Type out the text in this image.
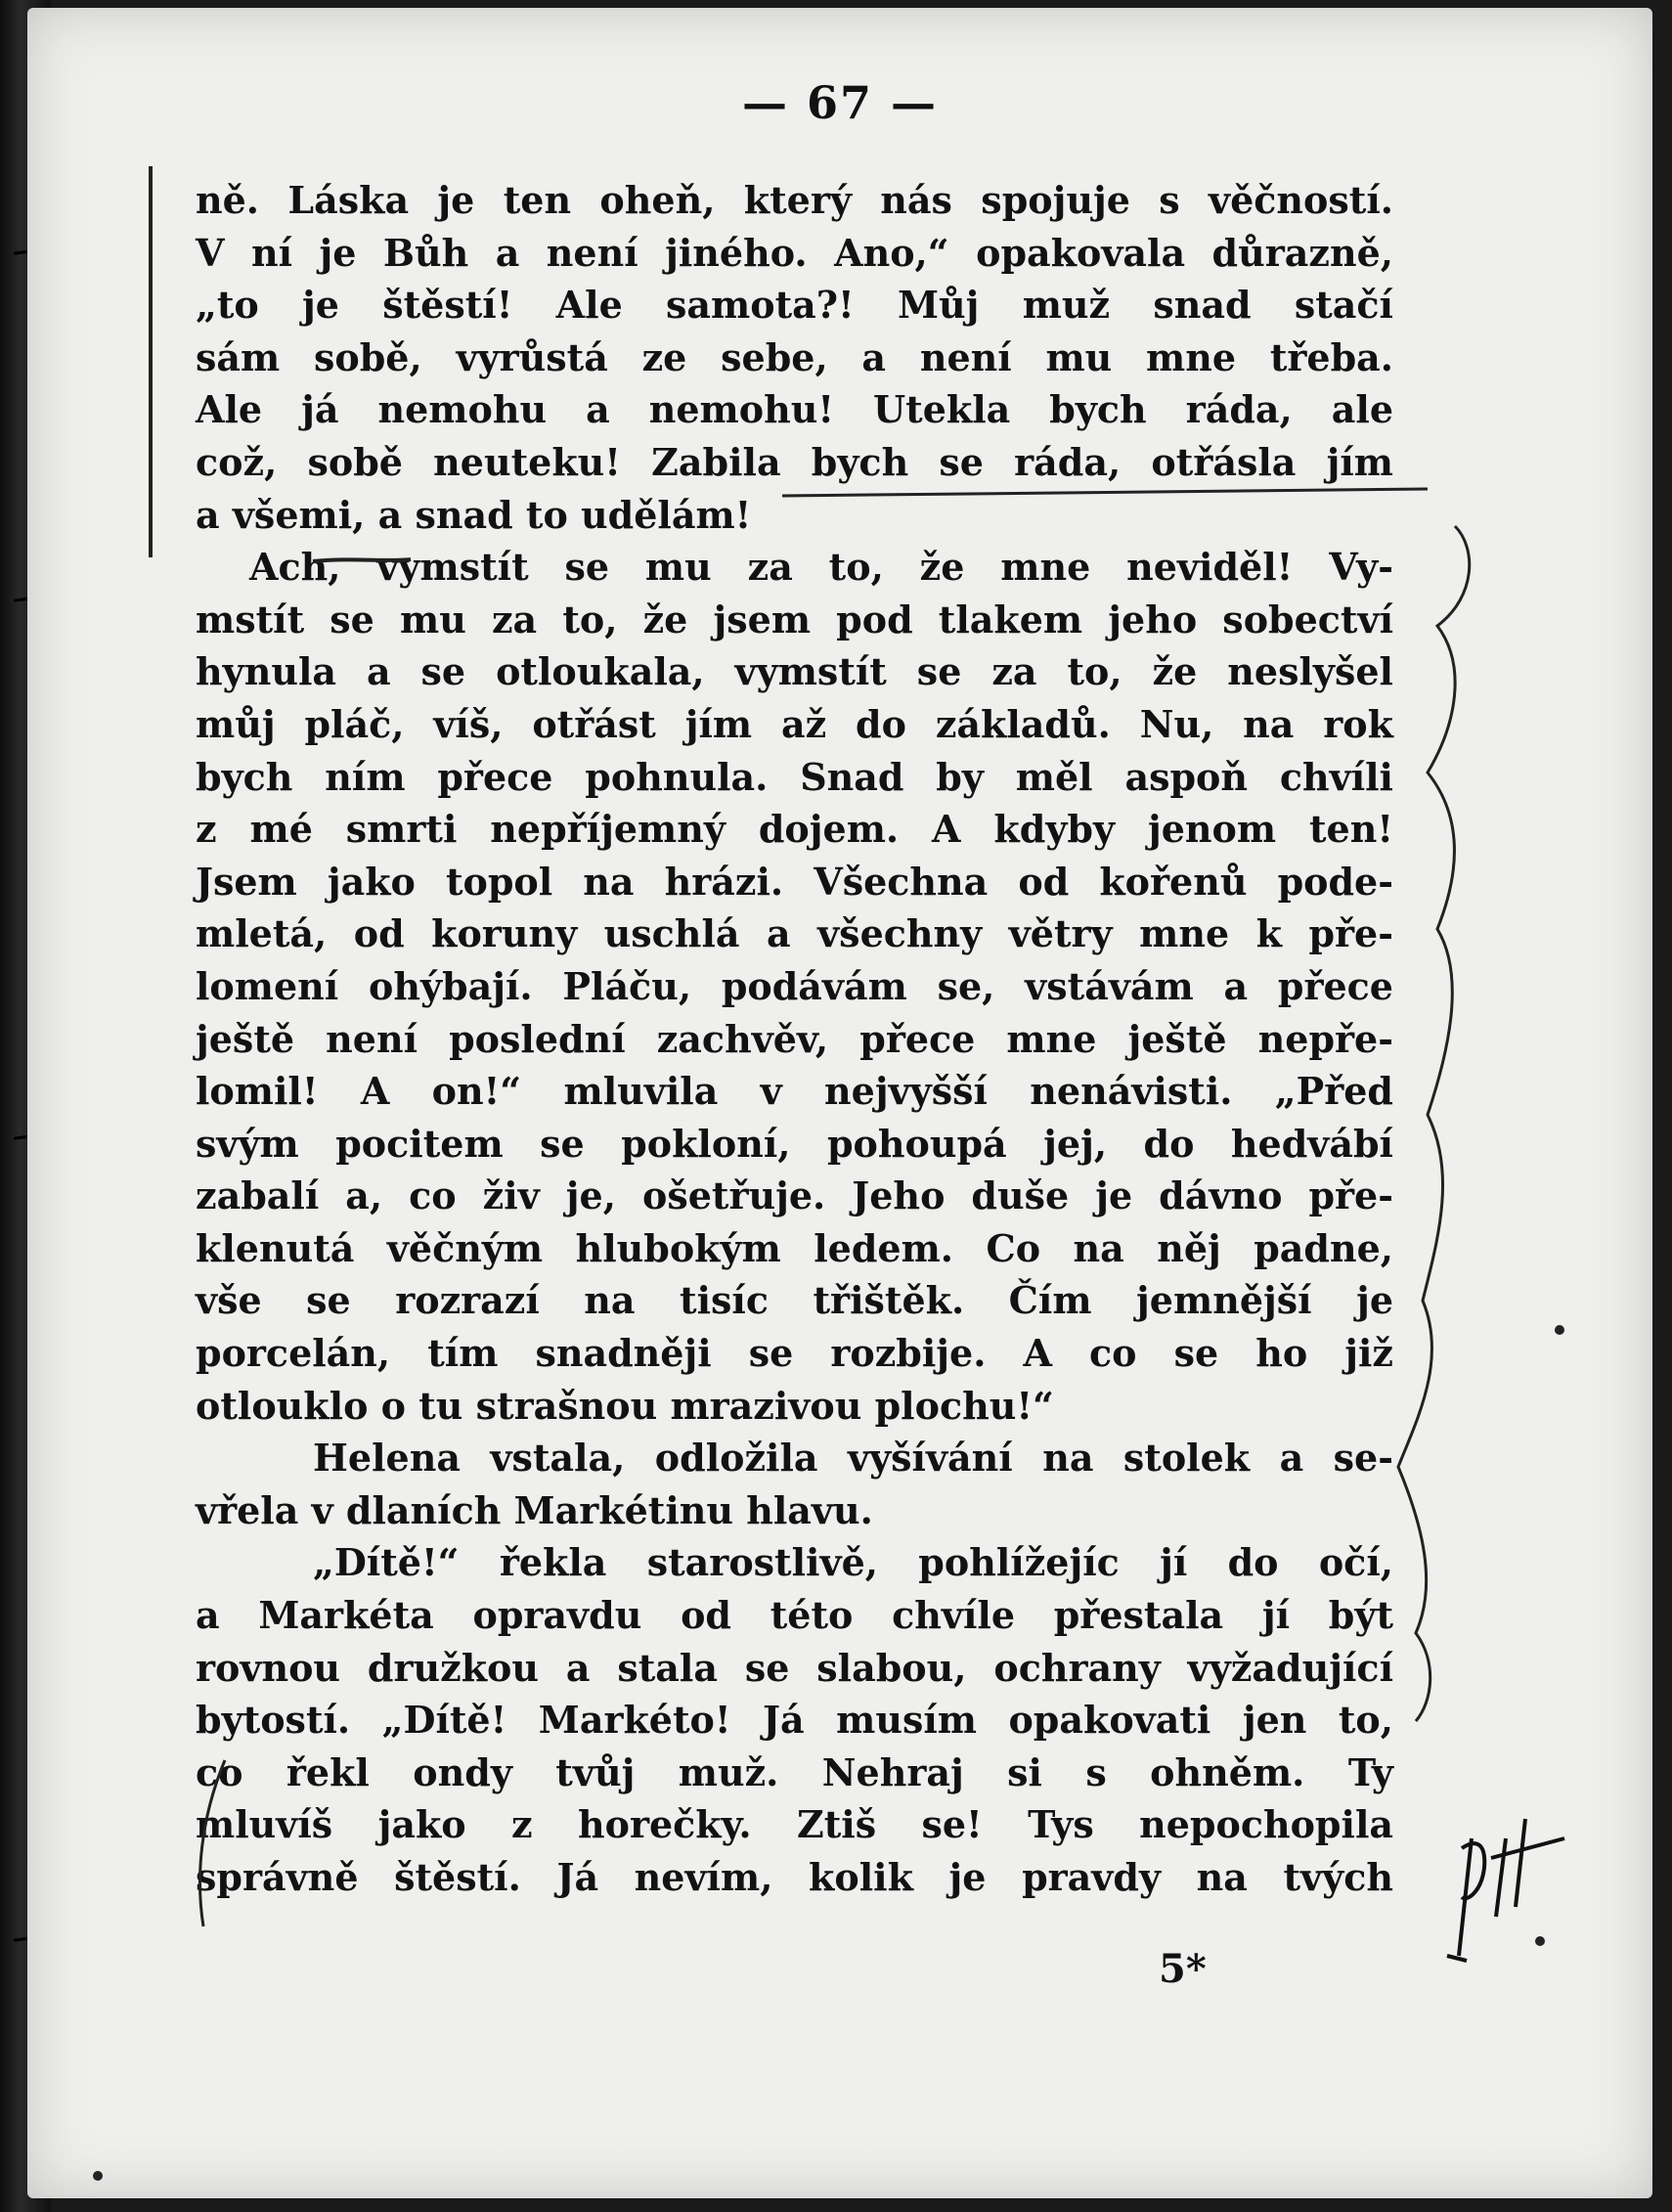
— 67 —
ně. Láska je ten oheň, který nás spojuje s věčností.
V ní je Bůh a není jiného. Ano,“ opakovala důrazně,
„to je štěstí! Ale samota?! Můj muž snad stačí
sám sobě, vyrůstá ze sebe, a není mu mne třeba.
Ale já nemohu a nemohu! Utekla bych ráda, ale
což, sobě neuteku! Zabila bych se ráda, otřásla jím
a všemi, a snad to udělám!
Ach, vymstít se mu za to, že mne neviděl! Vy-
mstít se mu za to, že jsem pod tlakem jeho sobectví
hynula a se otloukala, vymstít se za to, že neslyšel
můj pláč, víš, otřást jím až do základů. Nu, na rok
bych ním přece pohnula. Snad by měl aspoň chvíli
z mé smrti nepříjemný dojem. A kdyby jenom ten!
Jsem jako topol na hrázi. Všechna od kořenů pode-
mletá, od koruny uschlá a všechny větry mne k pře-
lomení ohýbají. Pláču, podávám se, vstávám a přece
ještě není poslední zachvěv, přece mne ještě nepře-
lomil! A on!“ mluvila v nejvyšší nenávisti. „Před
svým pocitem se pokloní, pohoupá jej, do hedvábí
zabalí a, co živ je, ošetřuje. Jeho duše je dávno pře-
klenutá věčným hlubokým ledem. Co na něj padne,
vše se rozrazí na tisíc třištěk. Čím jemnější je
porcelán, tím snadněji se rozbije. A co se ho již
otlouklo o tu strašnou mrazivou plochu!“
Helena vstala, odložila vyšívání na stolek a se-
vřela v dlaních Markétinu hlavu.
„Dítě!“ řekla starostlivě, pohlížejíc jí do očí,
a Markéta opravdu od této chvíle přestala jí být
rovnou družkou a stala se slabou, ochrany vyžadující
bytostí. „Dítě! Markéto! Já musím opakovati jen to,
co řekl ondy tvůj muž. Nehraj si s ohněm. Ty
mluvíš jako z horečky. Ztiš se! Tys nepochopila
správně štěstí. Já nevím, kolik je pravdy na tvých
5*
